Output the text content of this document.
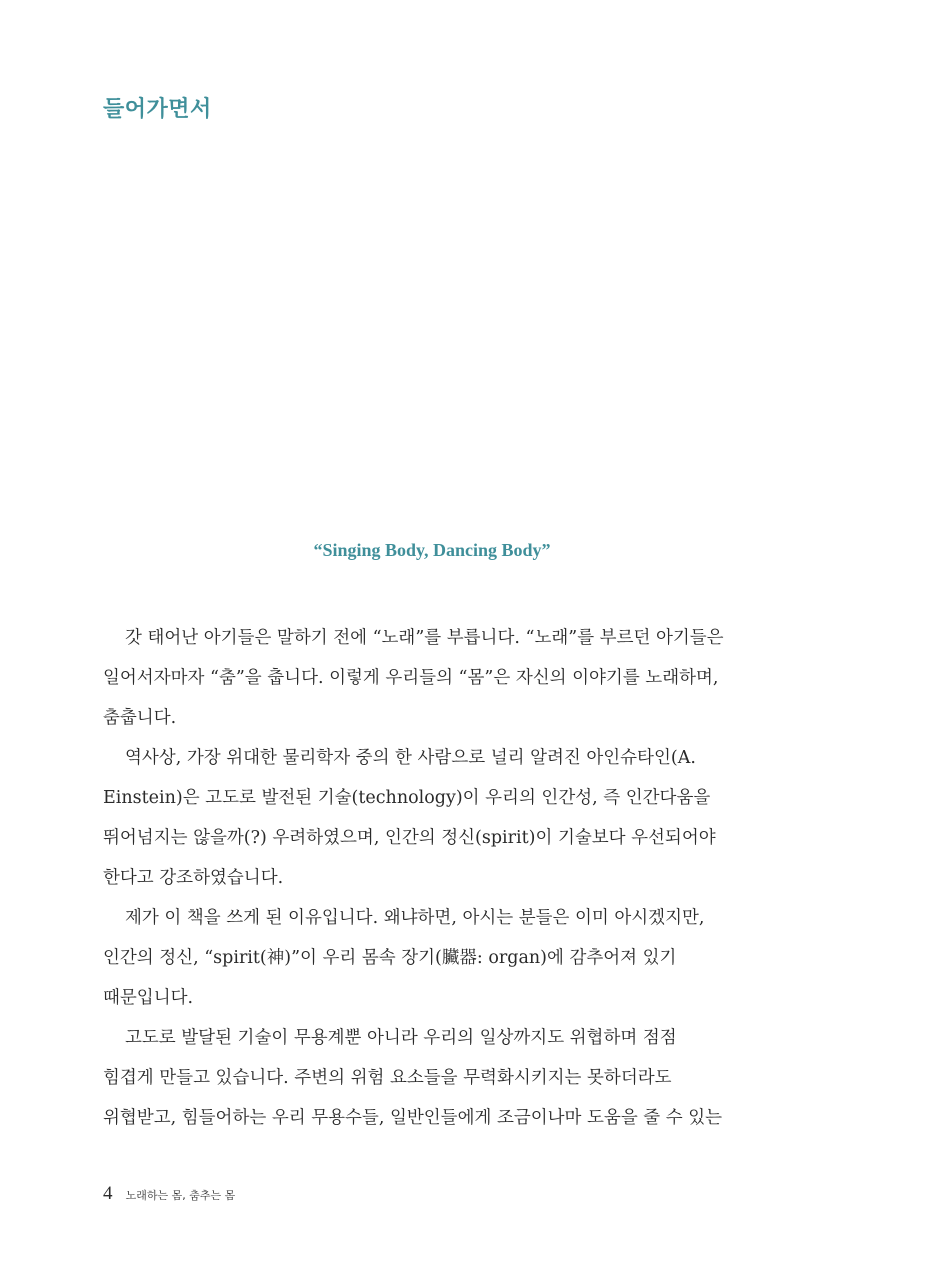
들어가면서
“Singing Body, Dancing Body”
갓 태어난 아기들은 말하기 전에 “노래”를 부릅니다. “노래”를 부르던 아기들은
일어서자마자 “춤”을 춥니다. 이렇게 우리들의 “몸”은 자신의 이야기를 노래하며,
춤춥니다.
역사상, 가장 위대한 물리학자 중의 한 사람으로 널리 알려진 아인슈타인(A.
Einstein)은 고도로 발전된 기술(technology)이 우리의 인간성, 즉 인간다움을
뛰어넘지는 않을까(?) 우려하였으며, 인간의 정신(spirit)이 기술보다 우선되어야
한다고 강조하였습니다.
제가 이 책을 쓰게 된 이유입니다. 왜냐하면, 아시는 분들은 이미 아시겠지만,
인간의 정신, “spirit(神)”이 우리 몸속 장기(臟器: organ)에 감추어져 있기
때문입니다.
고도로 발달된 기술이 무용계뿐 아니라 우리의 일상까지도 위협하며 점점
힘겹게 만들고 있습니다. 주변의 위험 요소들을 무력화시키지는 못하더라도
위협받고, 힘들어하는 우리 무용수들, 일반인들에게 조금이나마 도움을 줄 수 있는
4 노래하는 몸, 춤추는 몸
